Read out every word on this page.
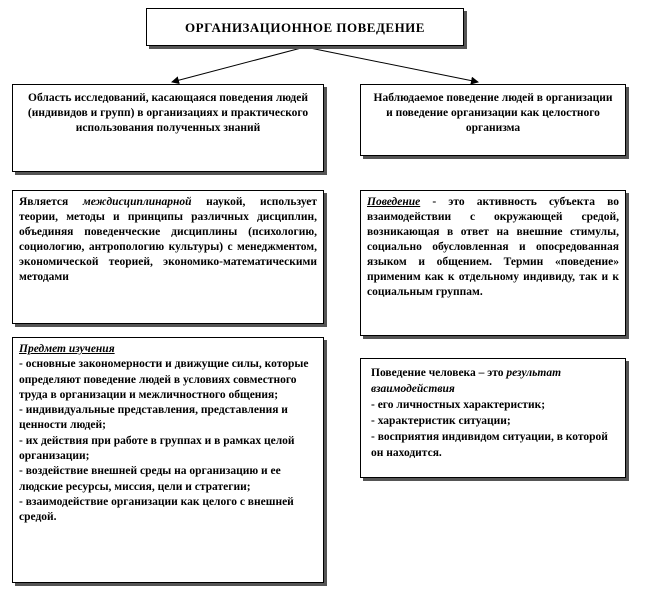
ОРГАНИЗАЦИОННОЕ ПОВЕДЕНИЕ
Область исследований, касающаяся поведения людей (индивидов и групп) в организациях и практического использования полученных знаний
Наблюдаемое поведение людей в организации и поведение организации как целостного организма
Является междисциплинарной наукой, использует теории, методы и принципы различных дисциплин, объединяя поведенческие дисциплины (психологию, социологию, антропологию культуры) с менеджментом, экономической теорией, экономико-математическими методами
Поведение - это активность субъекта во взаимодействии с окружающей средой, возникающая в ответ на внешние стимулы, социально обусловленная и опосредованная языком и общением. Термин «поведение» применим как к отдельному индивиду, так и к социальным группам.
Предмет изучения
- основные закономерности и движущие силы, которые определяют поведение людей в условиях совместного труда в организации и межличностного общения;
- индивидуальные представления, представления и ценности людей;
- их действия при работе в группах и в рамках целой организации;
- воздействие внешней среды на организацию и ее людские ресурсы, миссия, цели и стратегии;
- взаимодействие организации как целого с внешней средой.
Поведение человека – это результат взаимодействия
- его личностных характеристик;
- характеристик ситуации;
- восприятия индивидом ситуации, в которой он находится.
